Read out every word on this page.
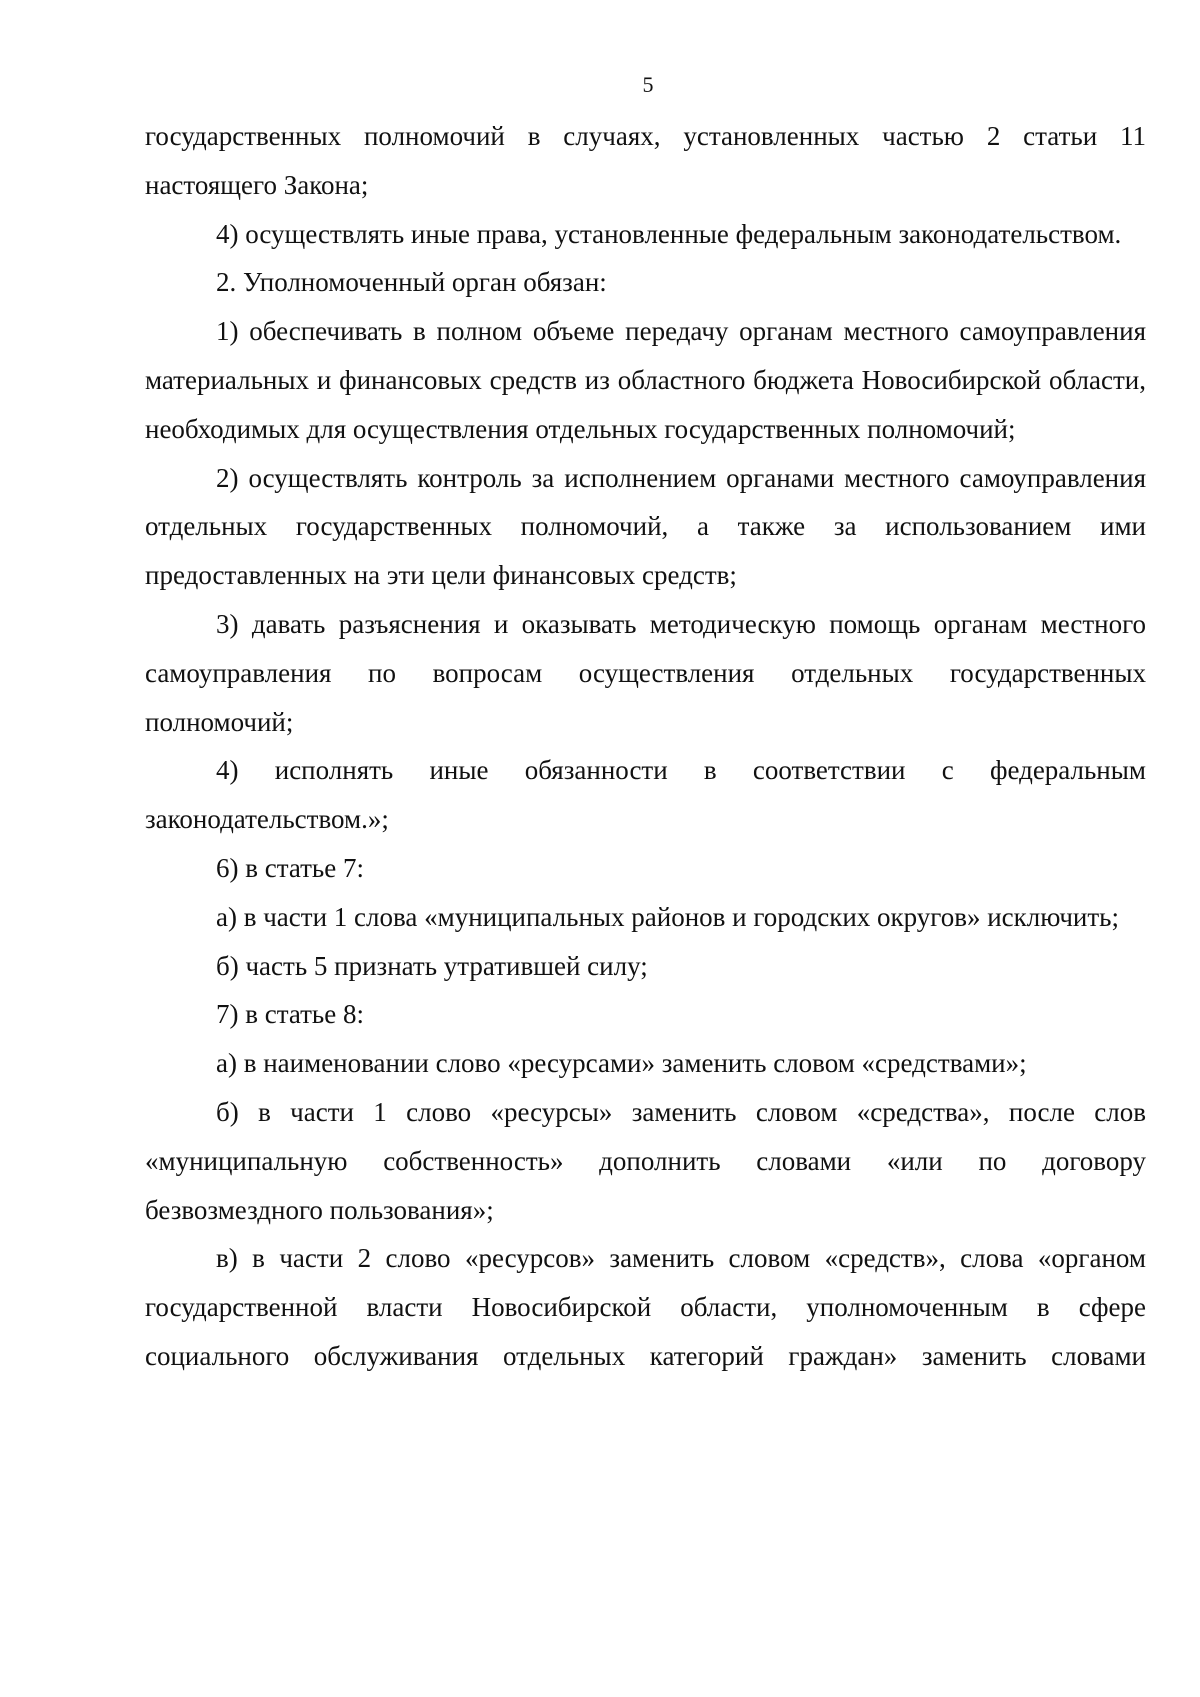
5

государственных полномочий в случаях, установленных частью 2 статьи 11 настоящего Закона;

4) осуществлять иные права, установленные федеральным законодательством.

2. Уполномоченный орган обязан:

1) обеспечивать в полном объеме передачу органам местного самоуправления материальных и финансовых средств из областного бюджета Новосибирской области, необходимых для осуществления отдельных государственных полномочий;

2) осуществлять контроль за исполнением органами местного самоуправления отдельных государственных полномочий, а также за использованием ими предоставленных на эти цели финансовых средств;

3) давать разъяснения и оказывать методическую помощь органам местного самоуправления по вопросам осуществления отдельных государственных полномочий;

4) исполнять иные обязанности в соответствии с федеральным законодательством.»;

6) в статье 7:

а) в части 1 слова «муниципальных районов и городских округов» исключить;

б) часть 5 признать утратившей силу;

7) в статье 8:

а) в наименовании слово «ресурсами» заменить словом «средствами»;

б) в части 1 слово «ресурсы» заменить словом «средства», после слов «муниципальную собственность» дополнить словами «или по договору безвозмездного пользования»;

в) в части 2 слово «ресурсов» заменить словом «средств», слова «органом государственной власти Новосибирской области, уполномоченным в сфере социального обслуживания отдельных категорий граждан» заменить словами
